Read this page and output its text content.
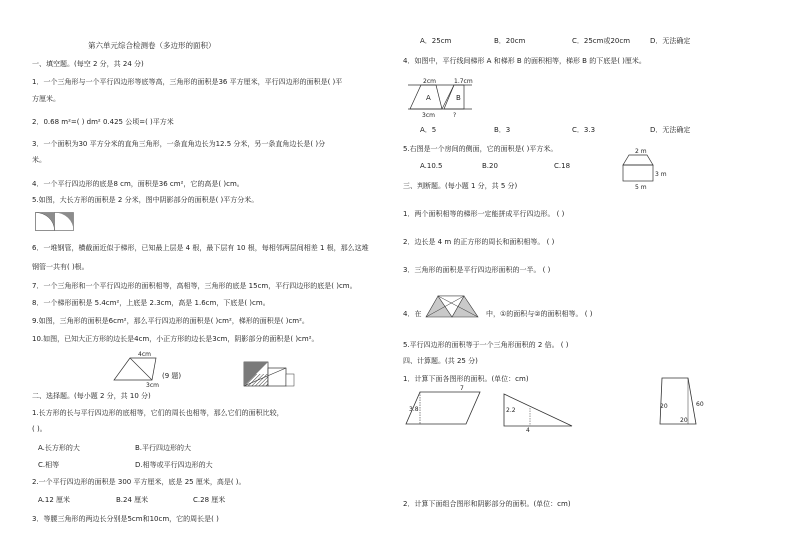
第六单元综合检测卷（多边形的面积）
一、填空题。(每空 2 分，共 24 分)
1．一个三角形与一个平行四边形等底等高，三角形的面积是36 平方厘米，平行四边形的面积是( )平
方厘米。
2．0.68 m²=( ) dm² 0.425 公顷=( )平方米
3．一个面积为30 平方分米的直角三角形，一条直角边长为12.5 分米，另一条直角边长是( )分
米。
4．一个平行四边形的底是8 cm，面积是36 cm²，它的高是( )cm。
5.如图，大长方形的面积是 2 分米，图中阴影部分的面积是( )平方分米。
6．一堆钢管，横截面近似于梯形，已知最上层是 4 根，最下层有 10 根，每相邻两层间相差 1 根，那么这堆
钢管一共有( )根。
7．一个三角形和一个平行四边形的面积相等，高相等，三角形的底是 15cm，平行四边形的底是( )cm。
8．一个梯形面积是 5.4cm²，上底是 2.3cm，高是 1.6cm，下底是( )cm。
9.如图，三角形的面积是6cm²，那么平行四边形的面积是( )cm²，梯形的面积是( )cm²。
10.如图，已知大正方形的边长是4cm，小正方形的边长是3cm，阴影部分的面积是( )cm²。
4cm
3cm
(9 题)
二、选择题。(每小题 2 分，共 10 分)
1.长方形的长与平行四边形的底相等，它们的周长也相等，那么它们的面积比较，
( )。
A.长方形的大	B.平行四边形的大
C.相等	D.相等或平行四边形的大
2.一个平行四边形的面积是 300 平方厘米，底是 25 厘米，高是( )。
A.12 厘米	B.24 厘米	C.28 厘米
3．等腰三角形的两边长分别是5cm和10cm，它的周长是( )
A．25cm	B．20cm	C．25cm或20cm	D．无法确定
4．如图中，平行线间梯形 A 和梯形 B 的面积相等，梯形 B 的下底是( )厘米。
2cm	1.7cm
A	B
3cm	?
A．5	B．3	C．3.3	D．无法确定
5.右图是一个房间的侧面，它的面积是( )平方米。
A.10.5	B.20	C.18
2 m
3 m
5 m
三、判断题。(每小题 1 分，共 5 分)
1．两个面积相等的梯形一定能拼成平行四边形。 ( )
2．边长是 4 m 的正方形的周长和面积相等。 ( )
3．三角形的面积是平行四边形面积的一半。 ( )
4．在	中，①的面积与②的面积相等。 ( )
5.平行四边形的面积等于一个三角形面积的 2 倍。 ( )
四、计算题。(共 25 分)
1．计算下面各图形的面积。(单位：cm)
3.8
7
2.2
4
20	60
20
2．计算下面组合图形和阴影部分的面积。(单位：cm)
